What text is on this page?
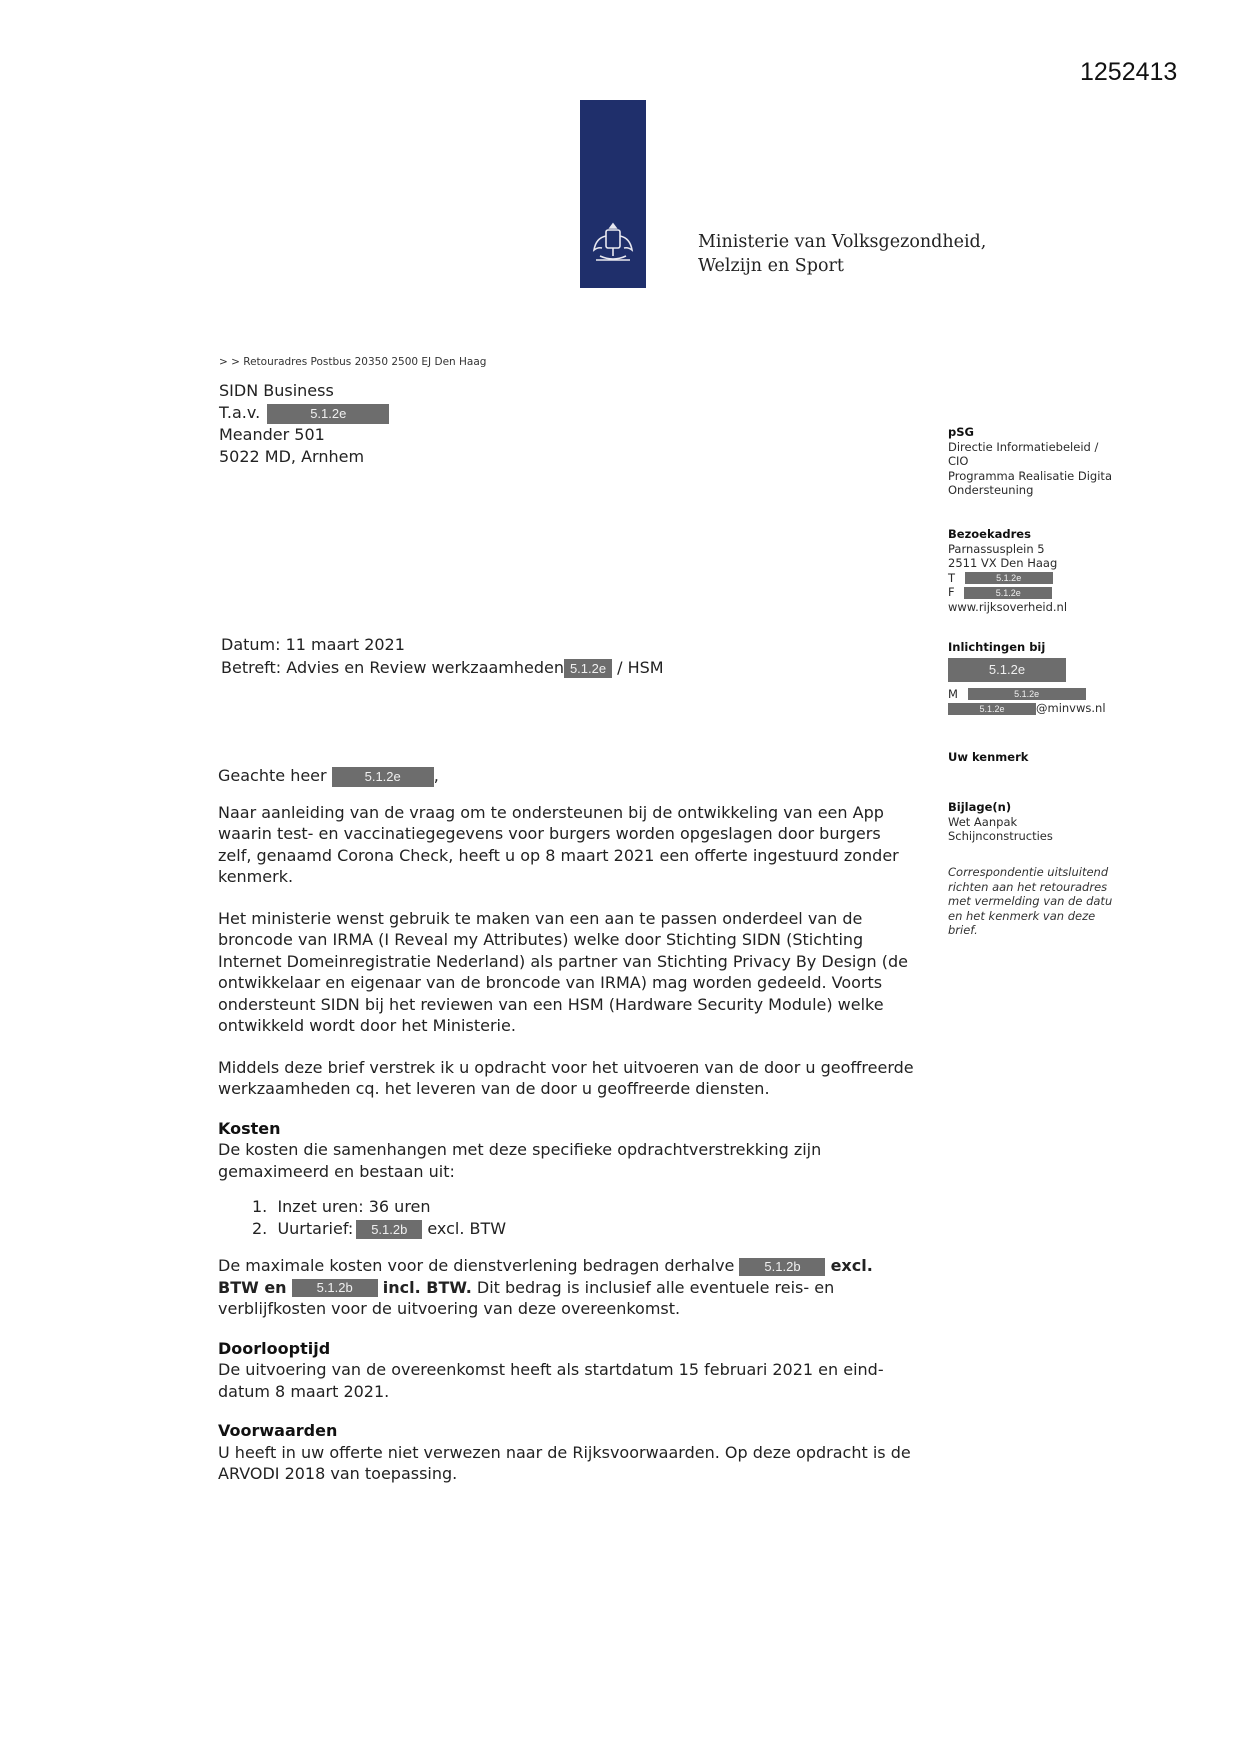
1252413
Ministerie van Volksgezondheid,
Welzijn en Sport
> > Retouradres Postbus 20350 2500 EJ Den Haag
SIDN Business
T.a.v.	5.1.2e
Meander 501
5022 MD, Arnhem
pSG
Directie Informatiebeleid /
CIO
Programma Realisatie Digita
Ondersteuning
Bezoekadres
Parnassusplein 5
2511 VX Den Haag
T	5.1.2e
F	5.1.2e
www.rijksoverheid.nl
Inlichtingen bij
5.1.2e
M	5.1.2e
5.1.2e	@minvws.nl
Uw kenmerk
Bijlage(n)
Wet Aanpak
Schijnconstructies
Correspondentie uitsluitend
richten aan het retouradres
met vermelding van de datu
en het kenmerk van deze
brief.
Datum: 11 maart 2021
Betreft: Advies en Review werkzaamheden 5.1.2e / HSM
Geachte heer	5.1.2e ,

Naar aanleiding van de vraag om te ondersteunen bij de ontwikkeling van een App waarin test- en vaccinatiegegevens voor burgers worden opgeslagen door burgers zelf, genaamd Corona Check, heeft u op 8 maart 2021 een offerte ingestuurd zonder kenmerk.

Het ministerie wenst gebruik te maken van een aan te passen onderdeel van de broncode van IRMA (I Reveal my Attributes) welke door Stichting SIDN (Stichting Internet Domeinregistratie Nederland) als partner van Stichting Privacy By Design (de ontwikkelaar en eigenaar van de broncode van IRMA) mag worden gedeeld. Voorts ondersteunt SIDN bij het reviewen van een HSM (Hardware Security Module) welke ontwikkeld wordt door het Ministerie.

Middels deze brief verstrek ik u opdracht voor het uitvoeren van de door u geoffreerde werkzaamheden cq. het leveren van de door u geoffreerde diensten.

Kosten

De kosten die samenhangen met deze specifieke opdrachtverstrekking zijn gemaximeerd en bestaan uit:

1. Inzet uren: 36 uren
2. Uurtarief: 5.1.2b excl. BTW

De maximale kosten voor de dienstverlening bedragen derhalve 5.1.2b excl. BTW en 5.1.2b incl. BTW. Dit bedrag is inclusief alle eventuele reis- en verblijfkosten voor de uitvoering van deze overeenkomst.

Doorlooptijd

De uitvoering van de overeenkomst heeft als startdatum 15 februari 2021 en eind-datum 8 maart 2021.

Voorwaarden

U heeft in uw offerte niet verwezen naar de Rijksvoorwaarden. Op deze opdracht is de ARVODI 2018 van toepassing.
